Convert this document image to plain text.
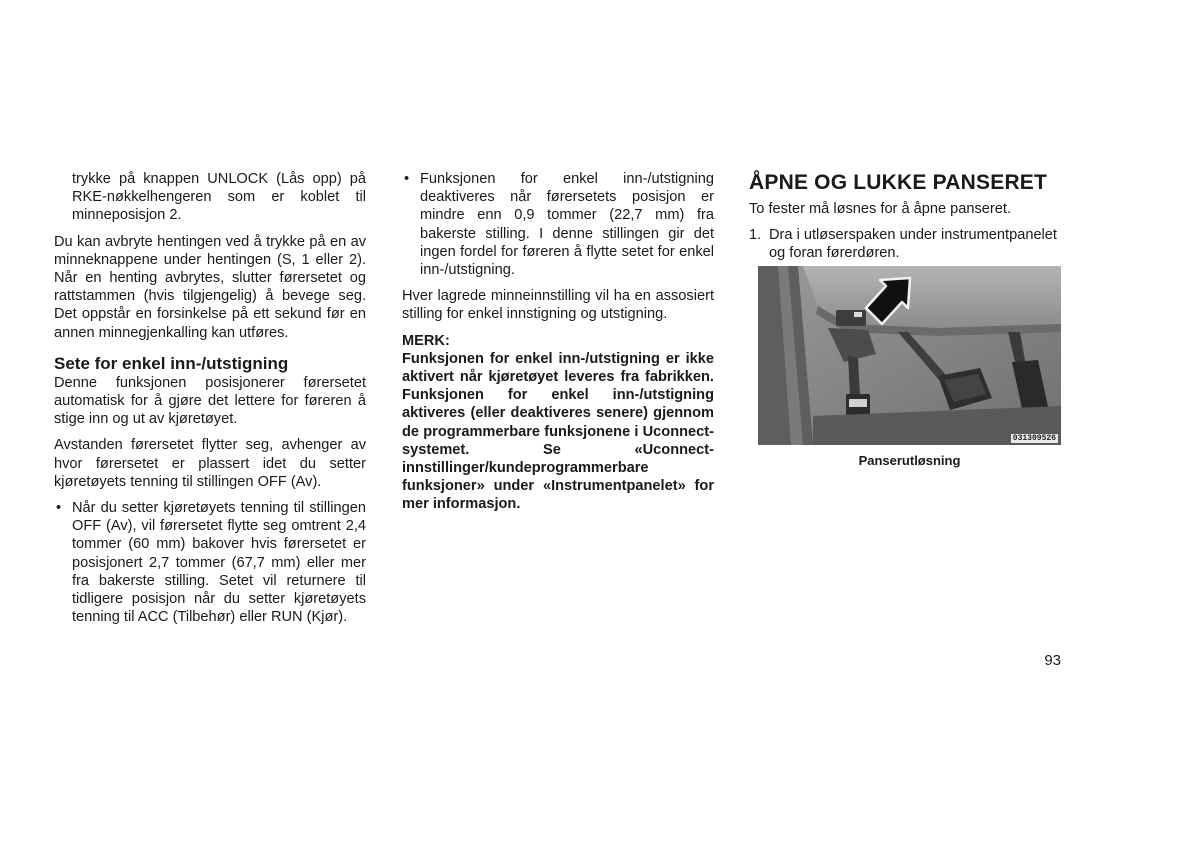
trykke på knappen UNLOCK (Lås opp) på RKE-nøkkelhengeren som er koblet til minneposisjon 2.

Du kan avbryte hentingen ved å trykke på en av minneknappene under hentingen (S, 1 eller 2). Når en henting avbrytes, slutter førersetet og rattstammen (hvis tilgjengelig) å bevege seg. Det oppstår en forsinkelse på ett sekund før en annen minnegjenkalling kan utføres.

Sete for enkel inn-/utstigning

Denne funksjonen posisjonerer førersetet automatisk for å gjøre det lettere for føreren å stige inn og ut av kjøretøyet.

Avstanden førersetet flytter seg, avhenger av hvor førersetet er plassert idet du setter kjøretøyets tenning til stillingen OFF (Av).

• Når du setter kjøretøyets tenning til stillingen OFF (Av), vil førersetet flytte seg omtrent 2,4 tommer (60 mm) bakover hvis førersetet er posisjonert 2,7 tommer (67,7 mm) eller mer fra bakerste stilling. Setet vil returnere til tidligere posisjon når du setter kjøretøyets tenning til ACC (Tilbehør) eller RUN (Kjør).
• Funksjonen for enkel inn-/utstigning deaktiveres når førersetets posisjon er mindre enn 0,9 tommer (22,7 mm) fra bakerste stilling. I denne stillingen gir det ingen fordel for føreren å flytte setet for enkel inn-/utstigning.

Hver lagrede minneinnstilling vil ha en assosiert stilling for enkel innstigning og utstigning.

MERK:

Funksjonen for enkel inn-/utstigning er ikke aktivert når kjøretøyet leveres fra fabrikken. Funksjonen for enkel inn-/utstigning aktiveres (eller deaktiveres senere) gjennom de programmerbare funksjonene i Uconnect-systemet. Se «Uconnect-innstillinger/kundeprogrammerbare funksjoner» under «Instrumentpanelet» for mer informasjon.

ÅPNE OG LUKKE PANSERET

To fester må løsnes for å åpne panseret.

1. Dra i utløserspaken under instrumentpanelet og foran førerdøren.
031309526
Panserutløsning
93
